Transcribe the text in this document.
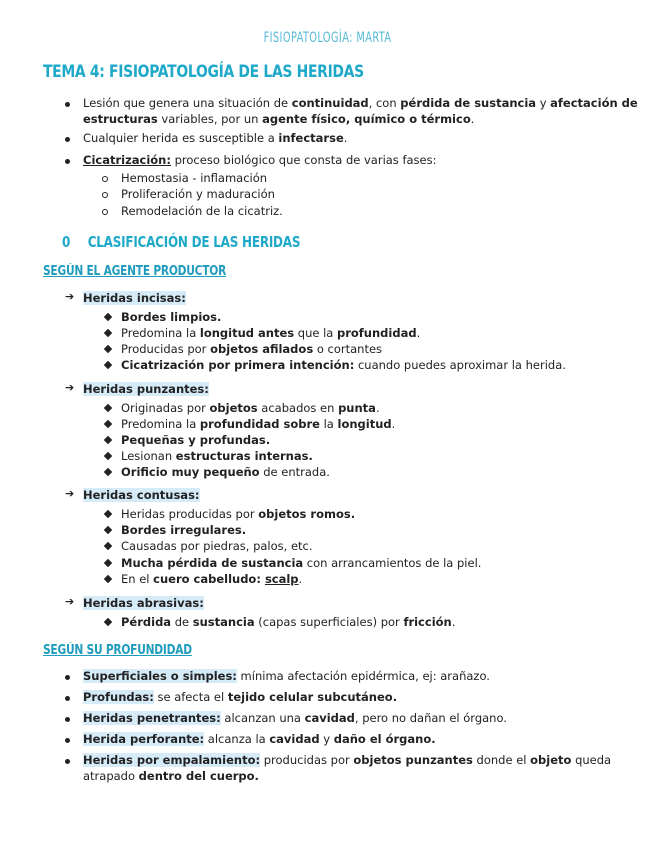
FISIOPATOLOGÍA: MARTA
TEMA 4: FISIOPATOLOGÍA DE LAS HERIDAS
Lesión que genera una situación de continuidad, con pérdida de sustancia y afectación de
estructuras variables, por un agente físico, químico o térmico.
Cualquier herida es susceptible a infectarse.
Cicatrización: proceso biológico que consta de varias fases:
Hemostasia - inflamación
Proliferación y maduración
Remodelación de la cicatriz.
0 CLASIFICACIÓN DE LAS HERIDAS
SEGÚN EL AGENTE PRODUCTOR
➔ Heridas incisas:
Bordes limpios.
Predomina la longitud antes que la profundidad.
Producidas por objetos afilados o cortantes
Cicatrización por primera intención: cuando puedes aproximar la herida.
➔ Heridas punzantes:
Originadas por objetos acabados en punta.
Predomina la profundidad sobre la longitud.
Pequeñas y profundas.
Lesionan estructuras internas.
Orificio muy pequeño de entrada.
➔ Heridas contusas:
Heridas producidas por objetos romos.
Bordes irregulares.
Causadas por piedras, palos, etc.
Mucha pérdida de sustancia con arrancamientos de la piel.
En el cuero cabelludo: scalp.
➔ Heridas abrasivas:
Pérdida de sustancia (capas superficiales) por fricción.
SEGÚN SU PROFUNDIDAD
Superficiales o simples: mínima afectación epidérmica, ej: arañazo.
Profundas: se afecta el tejido celular subcutáneo.
Heridas penetrantes: alcanzan una cavidad, pero no dañan el órgano.
Herida perforante: alcanza la cavidad y daño el órgano.
Heridas por empalamiento: producidas por objetos punzantes donde el objeto queda
atrapado dentro del cuerpo.
